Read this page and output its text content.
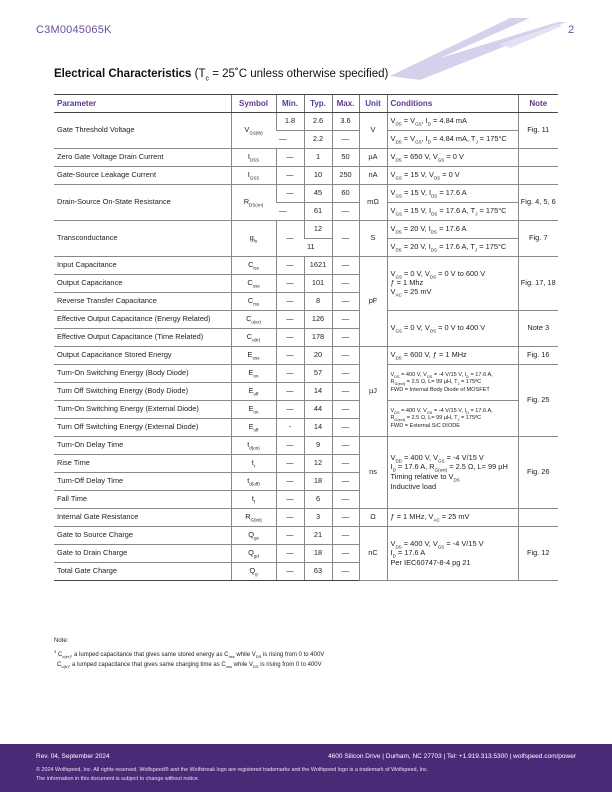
C3M0045065K	2
Electrical Characteristics ($T_c$ = 25˚C unless otherwise specified)
Parameter	Symbol	Min.	Typ.	Max.	Unit	Conditions	Note
Gate Threshold Voltage	$V_{GS(th)}$	1.8	2.6	3.6	V	$V_{DS} = V_{GS}$, $I_D = 4.84$ mA	Fig. 11
		—	2.2	—		$V_{DS} = V_{GS}$, $I_D = 4.84$ mA, $T_J = 175^\circ C$	
Zero Gate Voltage Drain Current	$I_{DSS}$	—	1	50	µA	$V_{DS} = 650$ V, $V_{GS} = 0$ V	
Gate-Source Leakage Current	$I_{GSS}$	—	10	250	nA	$V_{GS} = 15$ V, $V_{DS} = 0$ V	
Drain-Source On-State Resistance	$R_{DS(on)}$	—	45	60	mΩ	$V_{GS} = 15$ V, $I_{DS} = 17.6$ A	Fig. 4, 5, 6
		—	61	—		$V_{GS} = 15$ V, $I_{DS} = 17.6$ A, $T_J = 175^\circ C$	
Transconductance	$g_{fs}$	—	12	—	S	$V_{DS} = 20$ V, $I_{DS} = 17.6$ A	Fig. 7
			11			$V_{DS} = 20$ V, $I_{DS} = 17.6$ A, $T_J = 175^\circ C$	
Input Capacitance	$C_{iss}$	—	1621	—	pF	$V_{GS} = 0$ V, $V_{DS} = 0$ V to 600 V
ƒ = 1 Mhz
$V_{AC} = 25$ mV	Fig. 17, 18
Output Capacitance	$C_{oss}$	—	101	—			
Reverse Transfer Capacitance	$C_{rss}$	—	8	—			
Effective Output Capacitance (Energy Related)	$C_{o(er)}$	—	126	—		$V_{GS} = 0$ V, $V_{DS} = 0$ V to 400 V	Note 3
Effective Output Capacitance (Time Related)	$C_{o(tr)}$	—	178	—			
Output Capacitance Stored Energy	$E_{oss}$	—	20	—	µJ	$V_{DS} = 600$ V, ƒ = 1 MHz	Fig. 16
Turn-On Switching Energy (Body Diode)	$E_{on}$	—	57	—		$V_{DS} = 400$ V, $V_{GS} = -4$ V/15 V, $I_D = 17.6$ A,
$R_{G(ext)} = 2.5$ Ω, L= 99 µH, $T_J$ = 175ºC
FWD = Internal Body Diode of MOSFET	Fig. 25
Turn Off Switching Energy (Body Diode)	$E_{off}$	—	14	—			
Turn-On Switching Energy (External Diode)	$E_{on}$	—	44	—		$V_{DS} = 400$ V, $V_{GS} = -4$ V/15 V, $I_D = 17.6$ A,
$R_{G(ext)} = 2.5$ Ω, L= 99 µH, $T_J$ = 175ºC
FWD = External SiC DIODE	

Turn Off Switching Energy (External Diode)	$E_{off}$	-	14	—			
Turn-On Delay Time	$t_{d(on)}$	—	9	—	ns	$V_{DD} = 400$ V, $V_{GS} = -4$ V/15 V
$I_D = 17.6$ A, $R_{G(ext)} = 2.5$ Ω, L= 99 µH
Timing relative to $V_{DS}$
Inductive load	Fig. 26
Rise Time	$t_r$	—	12	—			
Turn-Off Delay Time	$t_{d(off)}$	—	18	—			
Fall Time	$t_f$	—	6	—			
Internal Gate Resistance	$R_{G(int)}$	—	3	—	Ω	ƒ = 1 MHz, $V_{AC} = 25$ mV	
Gate to Source Charge	$Q_{gs}$	—	21	—	nC	$V_{DS} = 400$ V, $V_{GS} = -4$ V/15 V
$I_D = 17.6$ A
Per IEC60747-8-4 pg 21	Fig. 12
Gate to Drain Charge	$Q_{gd}$	—	18	—			
Total Gate Charge	$Q_g$	—	63	—			
Note:
$^3$ $C_{o(er)}$, a lumped capacitance that gives same stored energy as $C_{oss}$ while $V_{DS}$ is rising from 0 to 400V
$C_{o(tr)}$, a lumped capacitance that gives same charging time as $C_{oss}$ while $V_{DS}$ is rising from 0 to 400V
Rev. 04, September 2024	4600 Silicon Drive | Durham, NC 27703 | Tel: +1.919.313.5300 | wolfspeed.com/power
© 2024 Wolfspeed, Inc. All rights reserved. Wolfspeed® and the Wolfstreak logo are registered trademarks and the Wolfspeed logo is a trademark of Wolfspeed, Inc.
The information in this document is subject to change without notice.
